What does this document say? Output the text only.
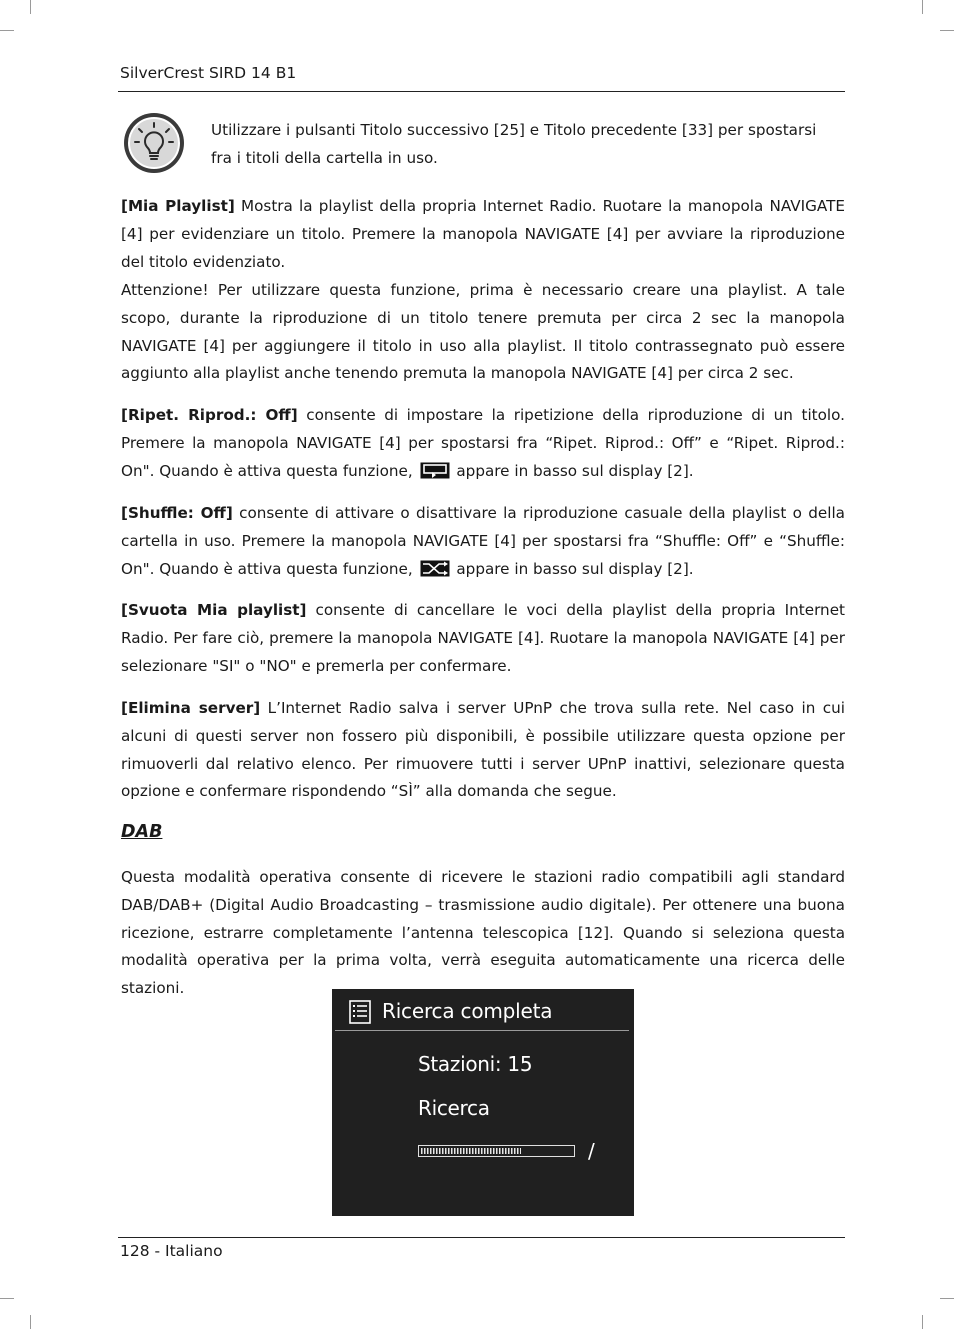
SilverCrest SIRD 14 B1
Utilizzare i pulsanti Titolo successivo [25] e Titolo precedente [33] per spostarsi fra i titoli della cartella in uso.
[Mia Playlist] Mostra la playlist della propria Internet Radio. Ruotare la manopola NAVIGATE [4] per evidenziare un titolo. Premere la manopola NAVIGATE [4] per avviare la riproduzione del titolo evidenziato.
Attenzione! Per utilizzare questa funzione, prima è necessario creare una playlist. A tale scopo, durante la riproduzione di un titolo tenere premuta per circa 2 sec la manopola NAVIGATE [4] per aggiungere il titolo in uso alla playlist. Il titolo contrassegnato può essere aggiunto alla playlist anche tenendo premuta la manopola NAVIGATE [4] per circa 2 sec.
[Ripet. Riprod.: Off] consente di impostare la ripetizione della riproduzione di un titolo. Premere la manopola NAVIGATE [4] per spostarsi fra “Ripet. Riprod.: Off” e “Ripet. Riprod.: On". Quando è attiva questa funzione,  appare in basso sul display [2].
[Shuffle: Off] consente di attivare o disattivare la riproduzione casuale della playlist o della cartella in uso. Premere la manopola NAVIGATE [4] per spostarsi fra “Shuffle: Off” e “Shuffle: On". Quando è attiva questa funzione,  appare in basso sul display [2].
[Svuota Mia playlist] consente di cancellare le voci della playlist della propria Internet Radio. Per fare ciò, premere la manopola NAVIGATE [4]. Ruotare la manopola NAVIGATE [4] per selezionare "SI" o "NO" e premerla per confermare.
[Elimina server] L’Internet Radio salva i server UPnP che trova sulla rete. Nel caso in cui alcuni di questi server non fossero più disponibili, è possibile utilizzare questa opzione per rimuoverli dal relativo elenco. Per rimuovere tutti i server UPnP inattivi, selezionare questa opzione e confermare rispondendo “SÌ” alla domanda che segue.
DAB
Questa modalità operativa consente di ricevere le stazioni radio compatibili agli standard DAB/DAB+ (Digital Audio Broadcasting – trasmissione audio digitale). Per ottenere una buona ricezione, estrarre completamente l’antenna telescopica [12]. Quando si seleziona questa modalità operativa per la prima volta, verrà eseguita automaticamente una ricerca delle stazioni.
Ricerca completa
Stazioni: 15
Ricerca
/
128 - Italiano
